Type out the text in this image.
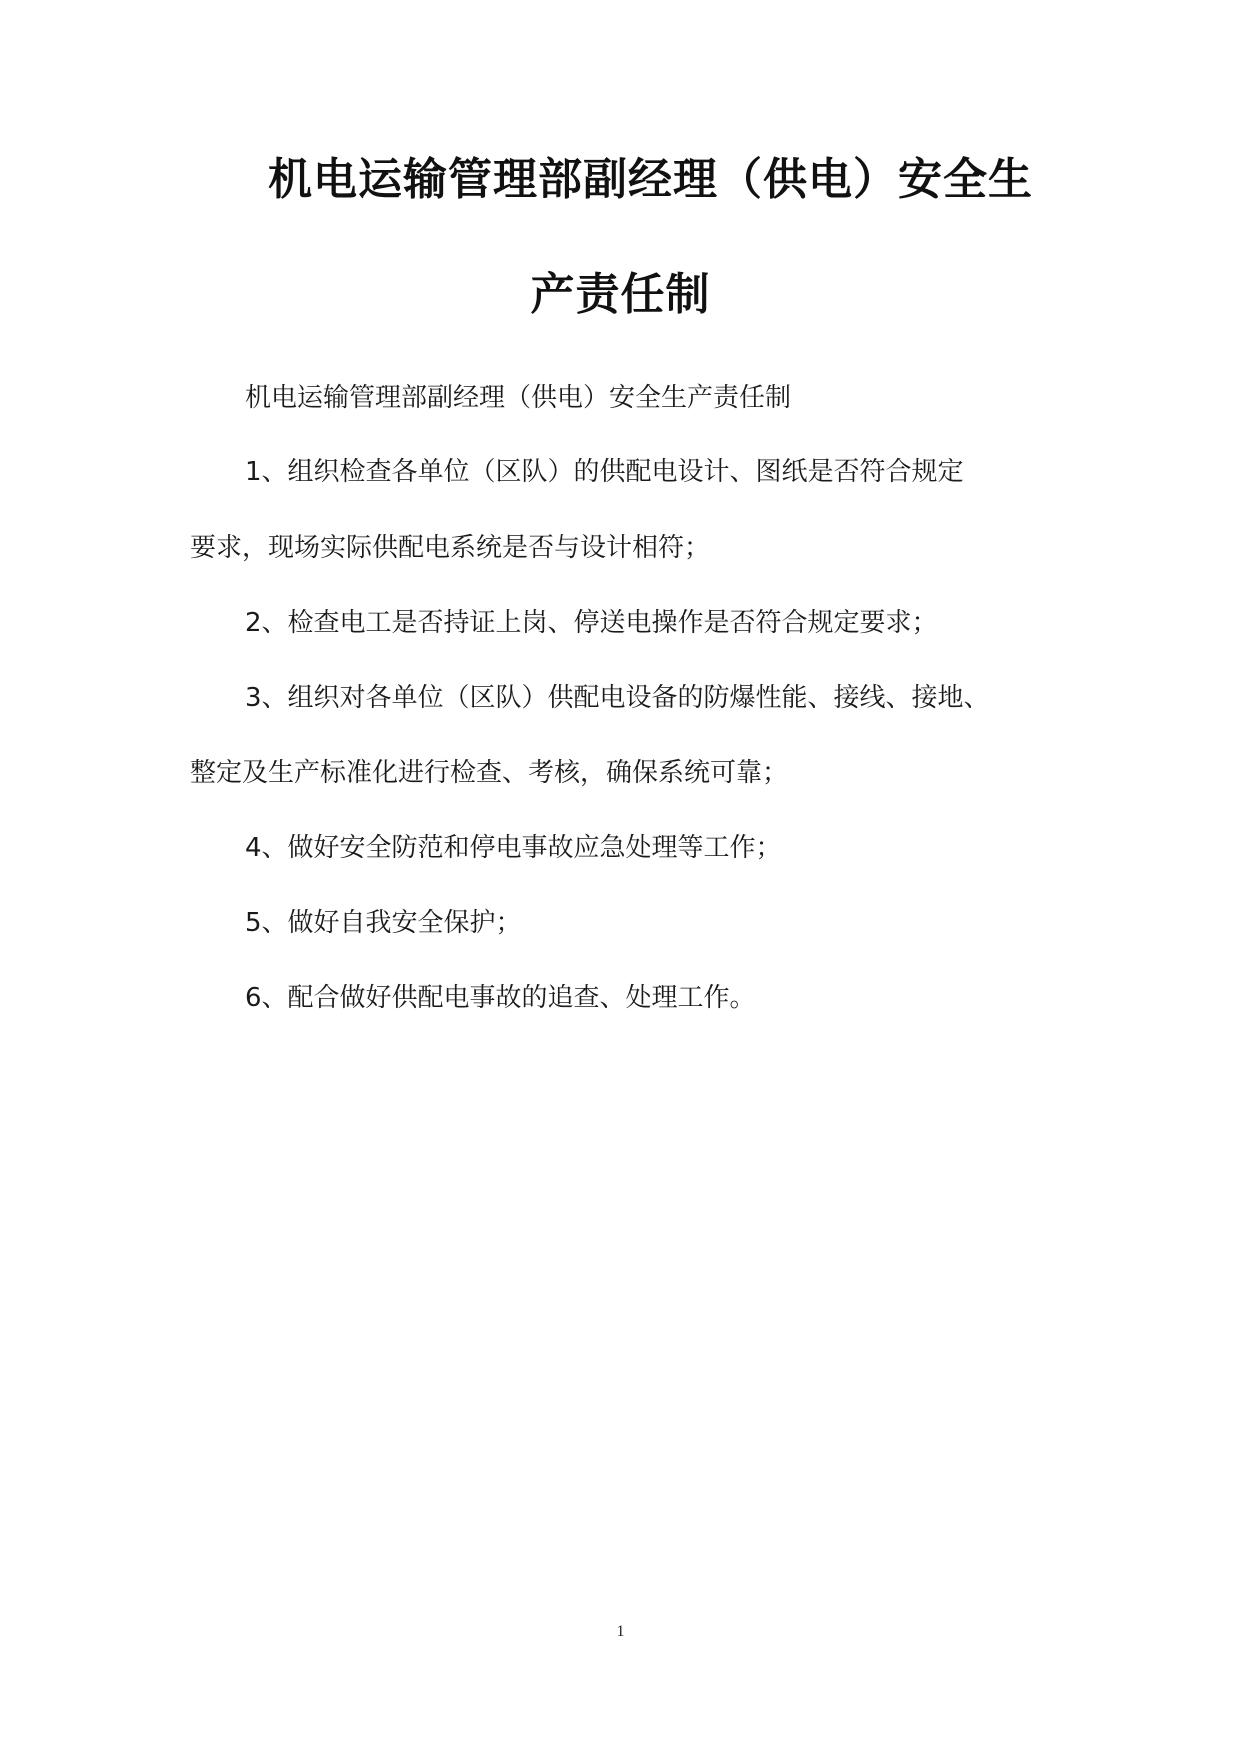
机电运输管理部副经理（供电）安全生
产责任制
机电运输管理部副经理（供电）安全生产责任制
1、组织检查各单位（区队）的供配电设计、图纸是否符合规定
要求，现场实际供配电系统是否与设计相符；
2、检查电工是否持证上岗、停送电操作是否符合规定要求；
3、组织对各单位（区队）供配电设备的防爆性能、接线、接地、
整定及生产标准化进行检查、考核，确保系统可靠；
4、做好安全防范和停电事故应急处理等工作；
5、做好自我安全保护；
6、配合做好供配电事故的追查、处理工作。
1
